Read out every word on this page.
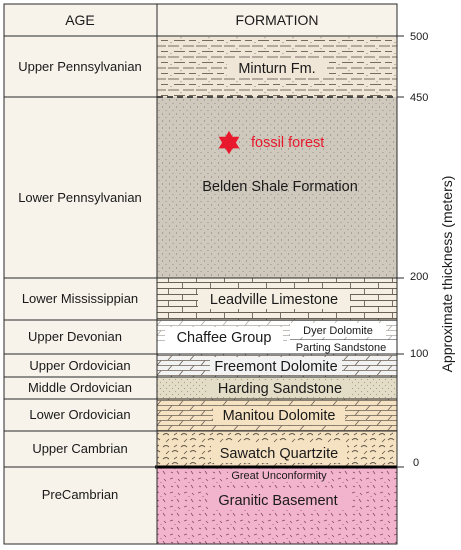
AGE	FORMATION
Minturn Fm.
fossil forest
Belden Shale Formation
Leadville Limestone
Chaffee Group	Dyer Dolomite
Parting Sandstone
Freemont Dolomite
Harding Sandstone
Manitou Dolomite
Sawatch Quartzite
Great Unconformity
Granitic Basement
Upper Pennsylvanian
Lower Pennsylvanian
Lower Mississippian
Upper Devonian
Upper Ordovician
Middle Ordovician
Lower Ordovician
Upper Cambrian
PreCambrian
500
450
200
100
0
Approximate thickness (meters)
